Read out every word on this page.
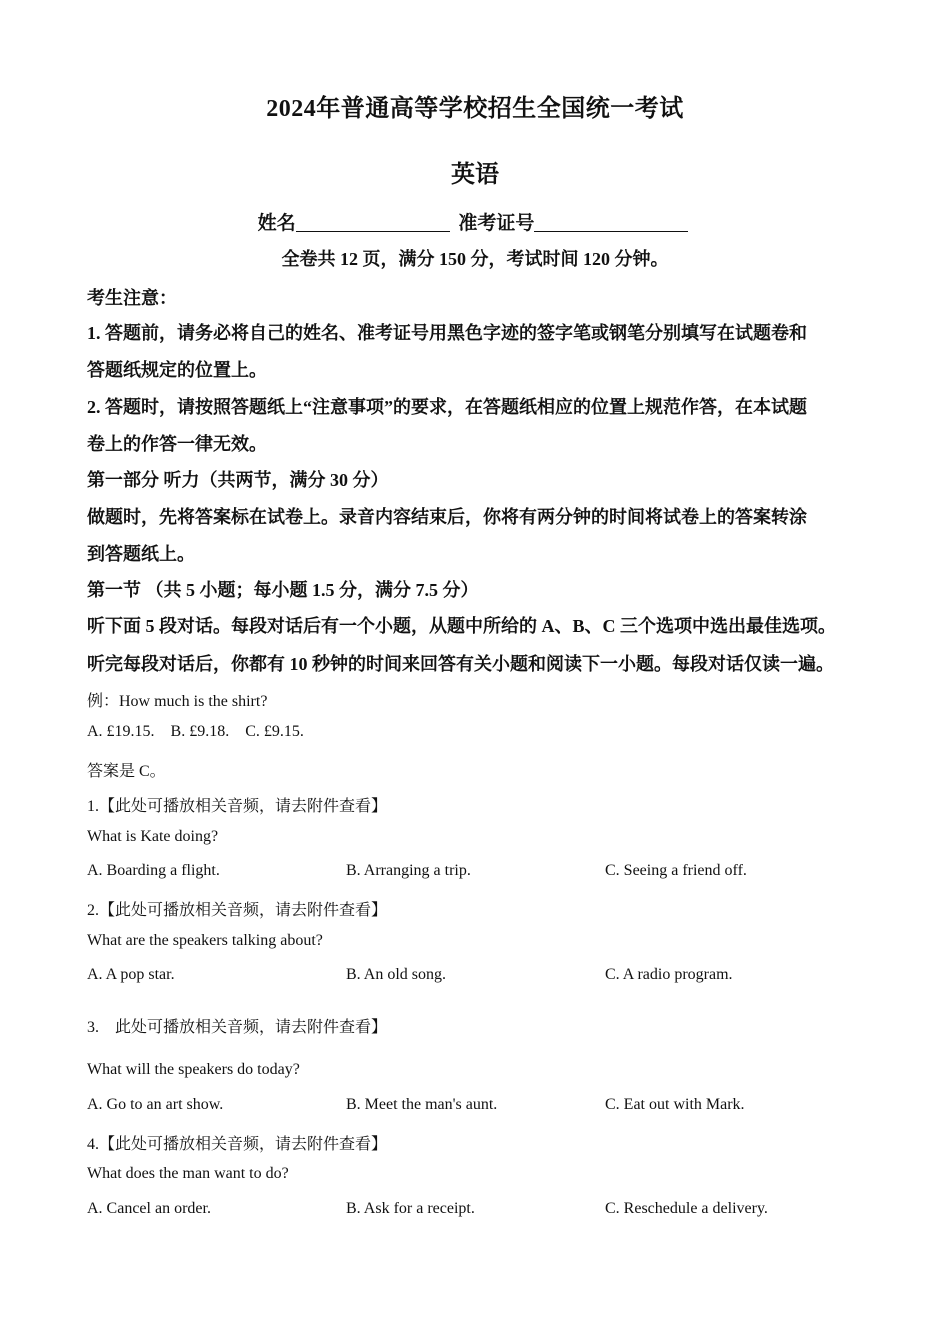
2024年普通高等学校招生全国统一考试
英语
姓名	准考证号
全卷共 12 页，满分 150 分，考试时间 120 分钟。
考生注意：
1. 答题前，请务必将自己的姓名、准考证号用黑色字迹的签字笔或钢笔分别填写在试题卷和
答题纸规定的位置上。
2. 答题时，请按照答题纸上“注意事项”的要求，在答题纸相应的位置上规范作答，在本试题
卷上的作答一律无效。
第一部分 听力（共两节，满分 30 分）
做题时，先将答案标在试卷上。录音内容结束后，你将有两分钟的时间将试卷上的答案转涂
到答题纸上。
第一节 （共 5 小题；每小题 1.5 分，满分 7.5 分）
听下面 5 段对话。每段对话后有一个小题，从题中所给的 A、B、C 三个选项中选出最佳选项。
听完每段对话后，你都有 10 秒钟的时间来回答有关小题和阅读下一小题。每段对话仅读一遍。
例：How much is the shirt?
A. £19.15.    B. £9.18.    C. £9.15.
答案是 C。
1.【此处可播放相关音频，请去附件查看】
What is Kate doing?
A. Boarding a flight.	B. Arranging a trip.	C. Seeing a friend off.
2.【此处可播放相关音频，请去附件查看】
What are the speakers talking about?
A. A pop star.	B. An old song.	C. A radio program.
3.    此处可播放相关音频，请去附件查看】
What will the speakers do today?
A. Go to an art show.	B. Meet the man's aunt.	C. Eat out with Mark.
4.【此处可播放相关音频，请去附件查看】
What does the man want to do?
A. Cancel an order.	B. Ask for a receipt.	C. Reschedule a delivery.
